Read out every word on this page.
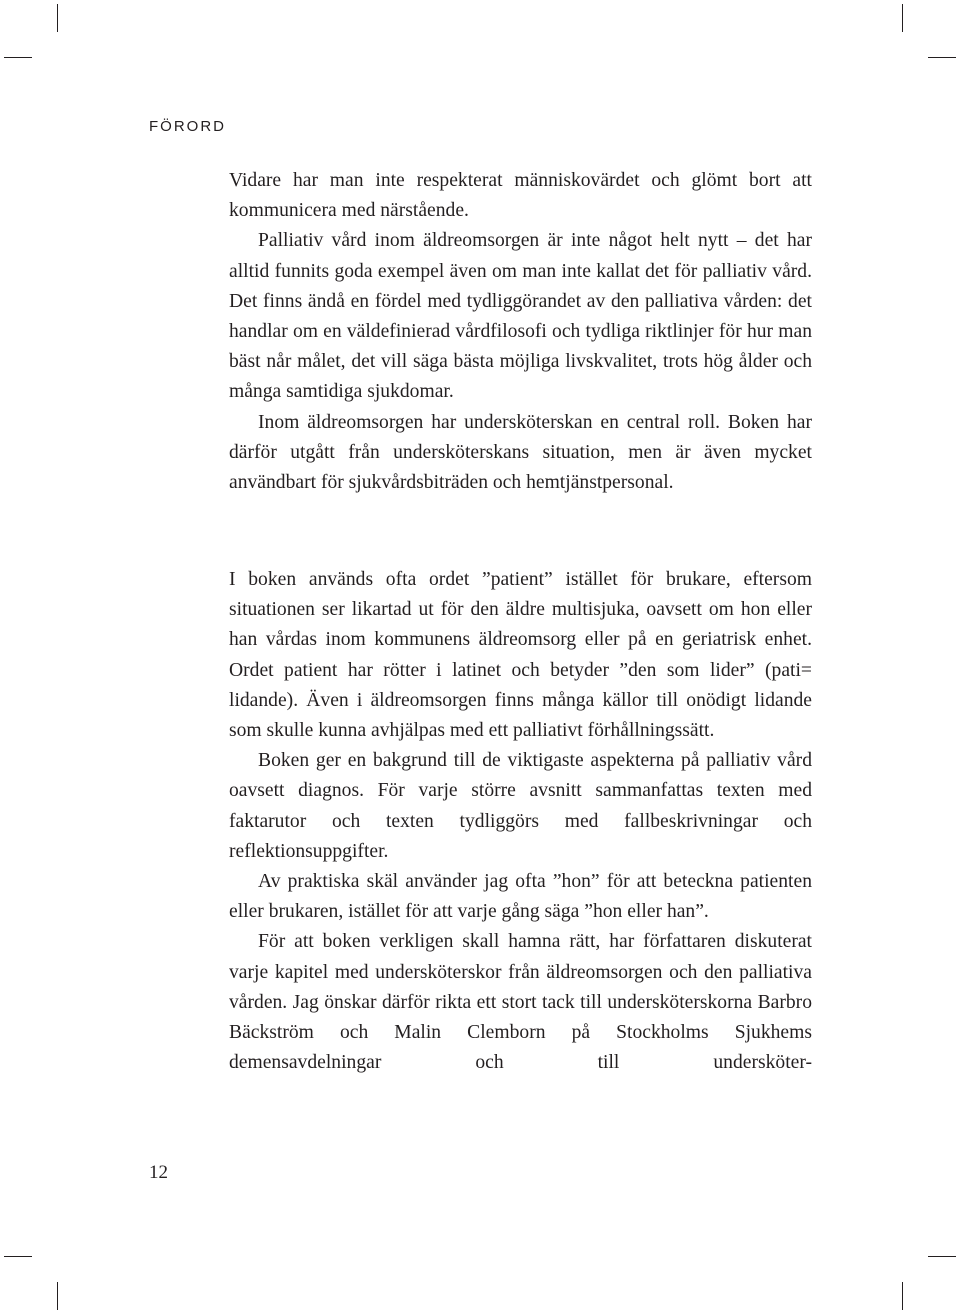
FÖRORD

Vidare har man inte respekterat människovärdet och glömt bort att kommunicera med närstående.

Palliativ vård inom äldreomsorgen är inte något helt nytt – det har alltid funnits goda exempel även om man inte kallat det för palliativ vård. Det finns ändå en fördel med tydliggörandet av den palliativa vården: det handlar om en väldefinierad vårdfilosofi och tydliga riktlinjer för hur man bäst når målet, det vill säga bästa möjliga livskvalitet, trots hög ålder och många samtidiga sjukdomar.

Inom äldreomsorgen har undersköterskan en central roll. Boken har därför utgått från undersköterskans situation, men är även mycket användbart för sjukvårdsbiträden och hemtjänstpersonal.

I boken används ofta ordet ”patient” istället för brukare, eftersom situationen ser likartad ut för den äldre multisjuka, oavsett om hon eller han vårdas inom kommunens äldreomsorg eller på en geriatrisk enhet. Ordet patient har rötter i latinet och betyder ”den som lider” (pati= lidande). Även i äldreomsorgen finns många källor till onödigt lidande som skulle kunna avhjälpas med ett palliativt förhållningssätt.

Boken ger en bakgrund till de viktigaste aspekterna på palliativ vård oavsett diagnos. För varje större avsnitt sammanfattas texten med faktarutor och texten tydliggörs med fallbeskrivningar och reflektionsuppgifter.

Av praktiska skäl använder jag ofta ”hon” för att beteckna patienten eller brukaren, istället för att varje gång säga ”hon eller han”.

För att boken verkligen skall hamna rätt, har författaren diskuterat varje kapitel med undersköterskor från äldreomsorgen och den palliativa vården. Jag önskar därför rikta ett stort tack till undersköterskorna Barbro Bäckström och Malin Clemborn på Stockholms Sjukhems demensavdelningar och till undersköter-

12
